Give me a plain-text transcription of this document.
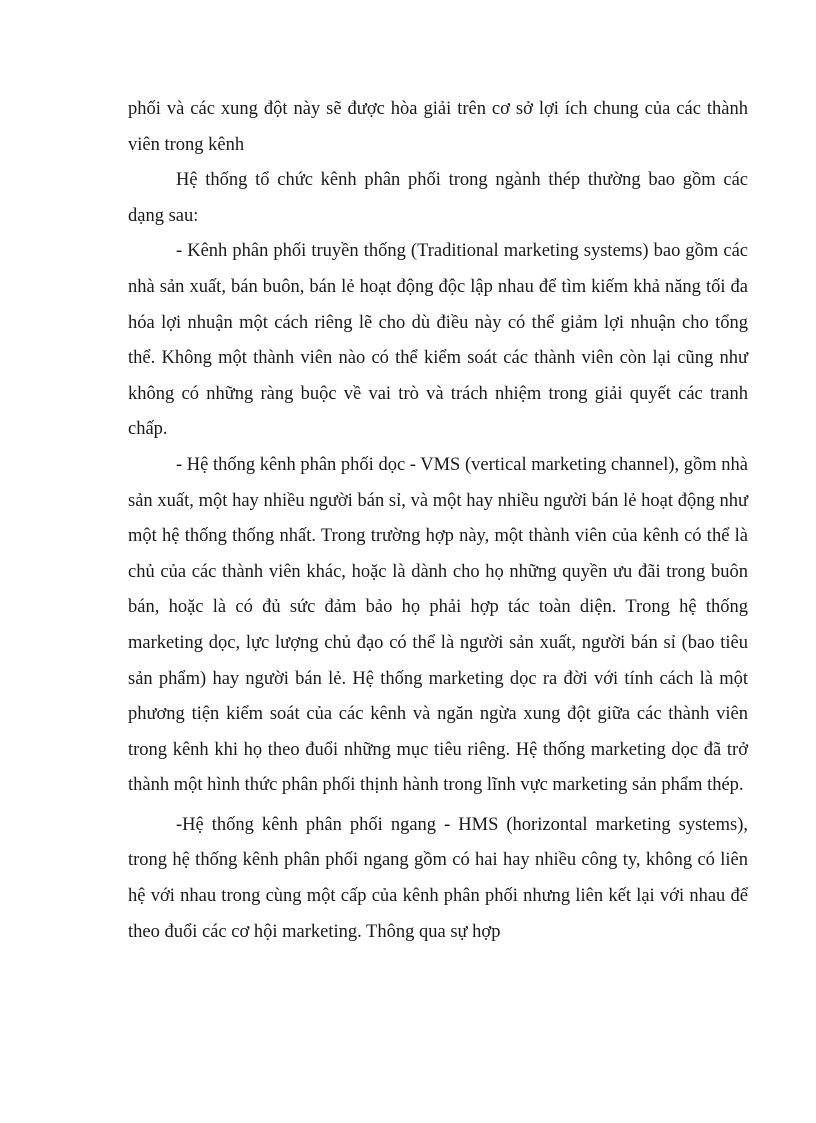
phối và các xung đột này sẽ được hòa giải trên cơ sở lợi ích chung của các thành viên trong kênh

Hệ thống tổ chức kênh phân phối trong ngành thép thường bao gồm các dạng sau:

- Kênh phân phối truyền thống (Traditional marketing systems) bao gồm các nhà sản xuất, bán buôn, bán lẻ hoạt động độc lập nhau để tìm kiếm khả năng tối đa hóa lợi nhuận một cách riêng lẽ cho dù điều này có thể giảm lợi nhuận cho tổng thể. Không một thành viên nào có thể kiểm soát các thành viên còn lại cũng như không có những ràng buộc về vai trò và trách nhiệm trong giải quyết các tranh chấp.

- Hệ thống kênh phân phối dọc - VMS (vertical marketing channel), gồm nhà sản xuất, một hay nhiều người bán sỉ, và một hay nhiều người bán lẻ hoạt động như một hệ thống thống nhất. Trong trường hợp này, một thành viên của kênh có thể là chủ của các thành viên khác, hoặc là dành cho họ những quyền ưu đãi trong buôn bán, hoặc là có đủ sức đảm bảo họ phải hợp tác toàn diện. Trong hệ thống marketing dọc, lực lượng chủ đạo có thể là người sản xuất, người bán sỉ (bao tiêu sản phẩm) hay người bán lẻ. Hệ thống marketing dọc ra đời với tính cách là một phương tiện kiểm soát của các kênh và ngăn ngừa xung đột giữa các thành viên trong kênh khi họ theo đuổi những mục tiêu riêng. Hệ thống marketing dọc đã trở thành một hình thức phân phối thịnh hành trong lĩnh vực marketing sản phẩm thép.

-Hệ thống kênh phân phối ngang - HMS (horizontal marketing systems), trong hệ thống kênh phân phối ngang gồm có hai hay nhiều công ty, không có liên hệ với nhau trong cùng một cấp của kênh phân phối nhưng liên kết lại với nhau để theo đuổi các cơ hội marketing. Thông qua sự hợp
